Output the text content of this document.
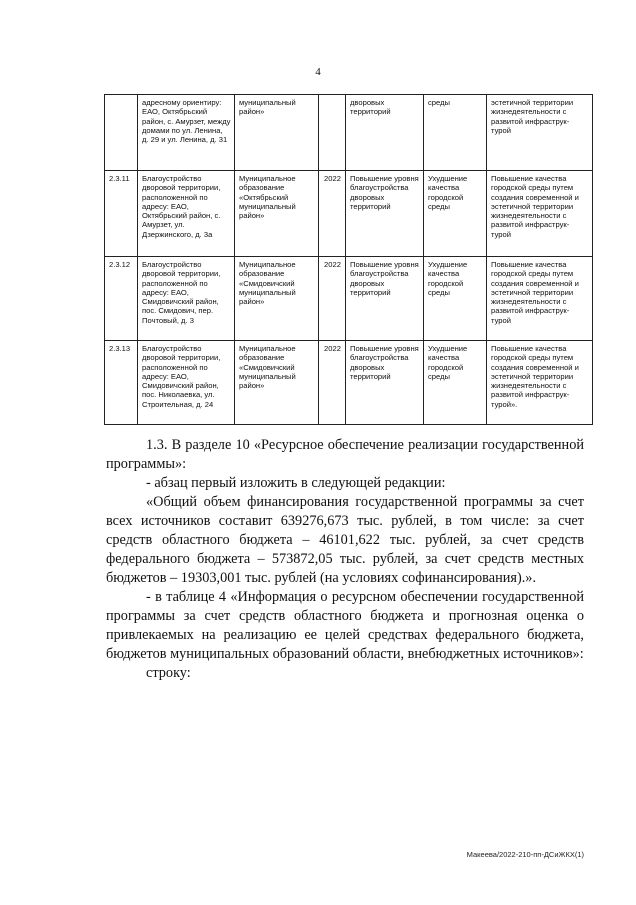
4
	адресному ориентиру: ЕАО, Октябрьский район, с. Амурзет, между домами по ул. Ленина, д. 29 и ул. Ленина, д. 31	муниципальный район»		дворовых территорий	среды	эстетичной территории жизнедеятельности с развитой инфраструк-турой
2.3.11	Благоустройство дворовой территории, расположенной по адресу: ЕАО, Октябрьский район, с. Амурзет, ул. Дзержинского, д. 3а	Муниципальное образование «Октябрьский муниципальный район»	2022	Повышение уровня благоустройства дворовых территорий	Ухудшение качества городской среды	Повышение качества городской среды путем создания современной и эстетичной территории жизнедеятельности с развитой инфраструк-турой
2.3.12	Благоустройство дворовой территории, расположенной по адресу: ЕАО, Смидовичский район, пос. Смидович, пер. Почтовый, д. 3	Муниципальное образование «Смидовичский муниципальный район»	2022	Повышение уровня благоустройства дворовых территорий	Ухудшение качества городской среды	Повышение качества городской среды путем создания современной и эстетичной территории жизнедеятельности с развитой инфраструк-турой
2.3.13	Благоустройство дворовой территории, расположенной по адресу: ЕАО, Смидовичский район, пос. Николаевка, ул. Строительная, д. 24	Муниципальное образование «Смидовичский муниципальный район»	2022	Повышение уровня благоустройства дворовых территорий	Ухудшение качества городской среды	Повышение качества городской среды путем создания современной и эстетичной территории жизнедеятельности с развитой инфраструк-турой».

1.3. В разделе 10 «Ресурсное обеспечение реализации государственной программы»:

- абзац первый изложить в следующей редакции:

«Общий объем финансирования государственной программы за счет всех источников составит 639276,673 тыс. рублей, в том числе: за счет средств областного бюджета – 46101,622 тыс. рублей, за счет средств федерального бюджета – 573872,05 тыс. рублей, за счет средств местных бюджетов – 19303,001 тыс. рублей (на условиях софинансирования).».

- в таблице 4 «Информация о ресурсном обеспечении государственной программы за счет средств областного бюджета и прогнозная оценка о привлекаемых на реализацию ее целей средствах федерального бюджета, бюджетов муниципальных образований области, внебюджетных источников»:

строку:

Макеева/2022-210-пп-ДСиЖКХ(1)
